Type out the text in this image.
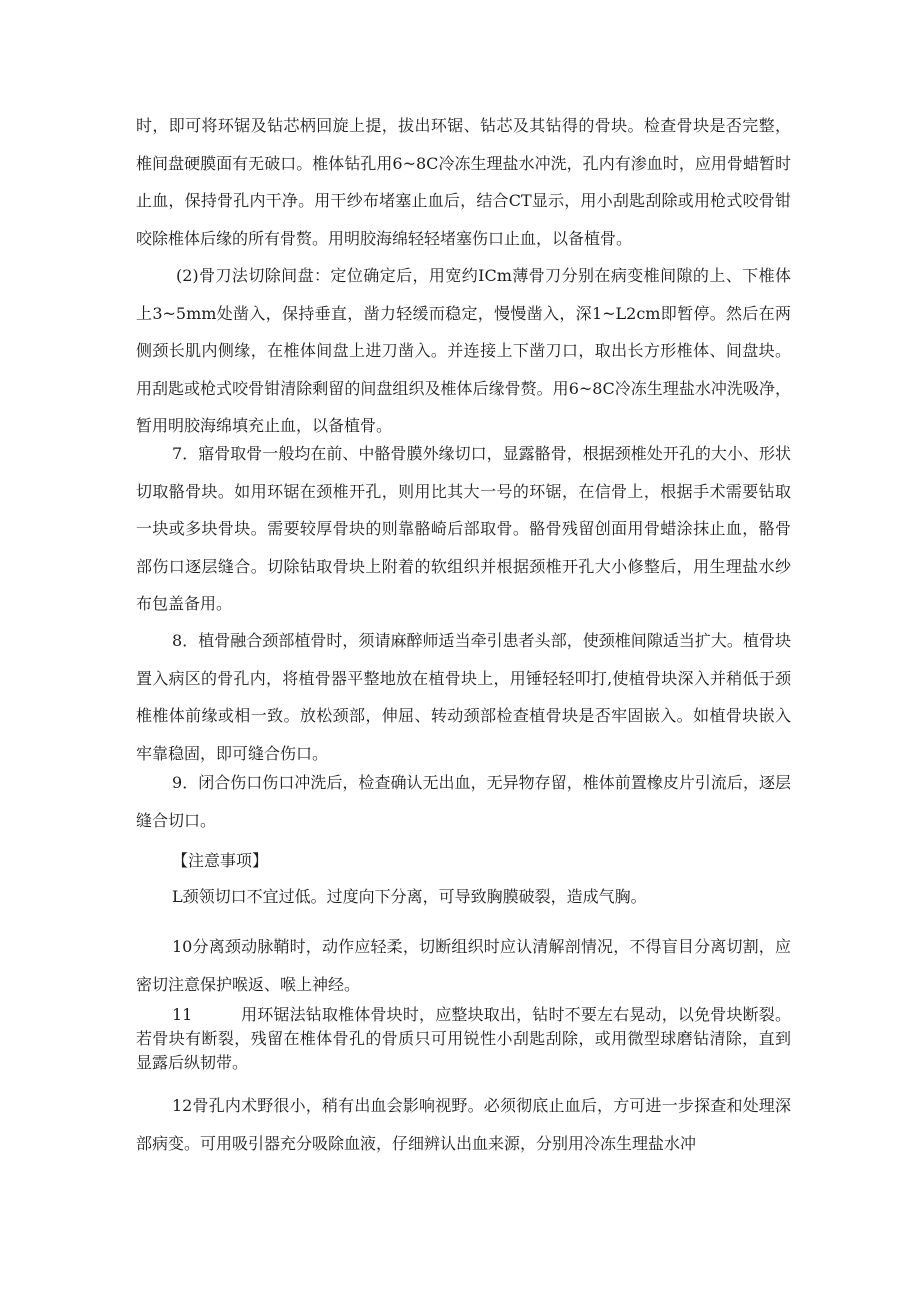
时，即可将环锯及钻芯柄回旋上提，拔出环锯、钻芯及其钻得的骨块。检查骨块是否完整，椎间盘硬膜面有无破口。椎体钻孔用6~8C冷冻生理盐水冲洗，孔内有渗血时，应用骨蜡暂时止血，保持骨孔内干净。用干纱布堵塞止血后，结合CT显示，用小刮匙刮除或用枪式咬骨钳咬除椎体后缘的所有骨赘。用明胶海绵轻轻堵塞伤口止血，以备植骨。

(2)骨刀法切除间盘：定位确定后，用宽约ICm薄骨刀分别在病变椎间隙的上、下椎体上3~5mm处凿入，保持垂直，凿力轻缓而稳定，慢慢凿入，深1~L2cm即暂停。然后在两侧颈长肌内侧缘，在椎体间盘上进刀凿入。并连接上下凿刀口，取出长方形椎体、间盘块。用刮匙或枪式咬骨钳清除剩留的间盘组织及椎体后缘骨赘。用6~8C冷冻生理盐水冲洗吸净，暂用明胶海绵填充止血，以备植骨。

7．寤骨取骨一般均在前、中骼骨膜外缘切口，显露骼骨，根据颈椎处开孔的大小、形状切取骼骨块。如用环锯在颈椎开孔，则用比其大一号的环锯，在信骨上，根据手术需要钻取一块或多块骨块。需要较厚骨块的则靠骼崎后部取骨。骼骨残留创面用骨蜡涂抹止血，骼骨部伤口逐层缝合。切除钻取骨块上附着的软组织并根据颈椎开孔大小修整后，用生理盐水纱布包盖备用。

8．植骨融合颈部植骨时，须请麻醉师适当牵引患者头部，使颈椎间隙适当扩大。植骨块置入病区的骨孔内，将植骨器平整地放在植骨块上，用锤轻轻叩打,使植骨块深入并稍低于颈椎椎体前缘或相一致。放松颈部，伸屈、转动颈部检查植骨块是否牢固嵌入。如植骨块嵌入牢靠稳固，即可缝合伤口。

9．闭合伤口伤口冲洗后，检查确认无出血，无异物存留，椎体前置橡皮片引流后，逐层缝合切口。

【注意事项】

L颈领切口不宜过低。过度向下分离，可导致胸膜破裂，造成气胸。

10分离颈动脉鞘时，动作应轻柔，切断组织时应认清解剖情况，不得盲目分离切割，应密切注意保护喉返、喉上神经。

11　　　用环锯法钻取椎体骨块时，应整块取出，钻时不要左右晃动，以免骨块断裂。若骨块有断裂，残留在椎体骨孔的骨质只可用锐性小刮匙刮除，或用微型球磨钻清除，直到显露后纵韧带。

12骨孔内术野很小，稍有出血会影响视野。必须彻底止血后，方可进一步探查和处理深部病变。可用吸引器充分吸除血液，仔细辨认出血来源，分别用冷冻生理盐水冲
